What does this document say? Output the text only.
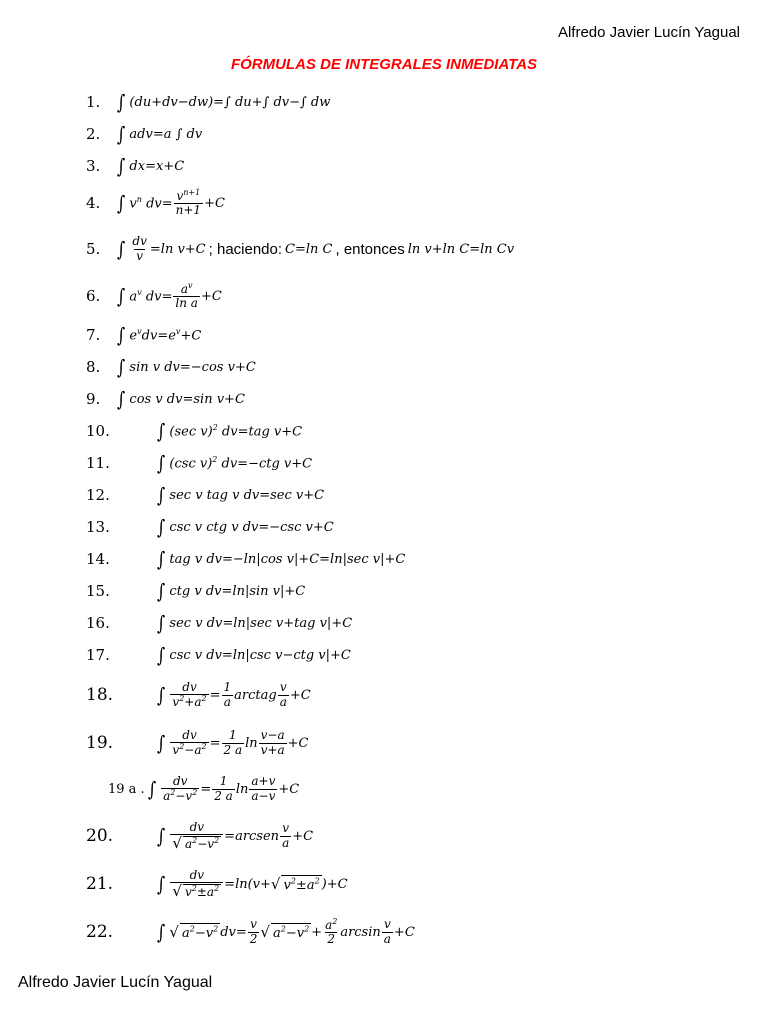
Alfredo Javier Lucín Yagual
FÓRMULAS DE INTEGRALES INMEDIATAS
1. ∫ (du+dv−dw)=∫ du+∫ dv−∫ dw
2. ∫ adv=a ∫ dv
3. ∫ dx=x+C
4. ∫ $v^n$ $dv= \frac{v^{n+1}}{n+1} +C$
5. ∫ $\frac{dv}{v} =\ln$ v+C ; haciendo: C=ln C , entonces ln v+ln C=ln Cv
6. ∫ $a^v$ $dv= \frac{a^v}{\text{ln a}} +C$
7. ∫ $e^vdv=e^v+C$
8. ∫ sin v dv=−cos v+C
9. ∫ cos v dv=sin v+C
10.	∫ (sec v)$^2$ dv=tag v+C
11.	∫ (csc v)$^2$ dv=−ctg v+C
12.	∫ sec v tag v dv=sec v+C
13.	∫ csc v ctg v dv=−csc v+C
14.	∫ tag v dv=−ln|cos v|+C=ln|sec v|+C
15.	∫ ctg v dv=ln|sin v|+C
16.	∫ sec v dv=ln|sec v+tag v|+C
17.	∫ csc v dv=ln|csc v−ctg v|+C
18.	∫ $\frac{dv}{v^2+a^2} = \frac{1}{a}$ arctag $\frac{v}{a} +C$
19.	∫ $\frac{dv}{v^2-a^2} = \frac{1}{2 a}$ $\ln \frac{v-a}{v+a} +C$
19 a . ∫ $\frac{dv}{a^2-v^2} = \frac{1}{2 a}$ $\ln \frac{a+v}{a-v} +C$
20.	∫ $\frac{dv}{√ a^2-v^2}$ =arcsen $\frac{v}{a} +C$
21.	∫ $\frac{dv}{√ v^2\pm a^2} =\ln(v+$ √ $v^2\pm a^2$ )+C
22.	∫ √ $a^2-v^2$ $dv= \frac{v}{2}$ √ $a^2-v^2 + \frac{a^2}{2}$ $\arcsin \frac{v}{a} +C$
Alfredo Javier Lucín Yagual
